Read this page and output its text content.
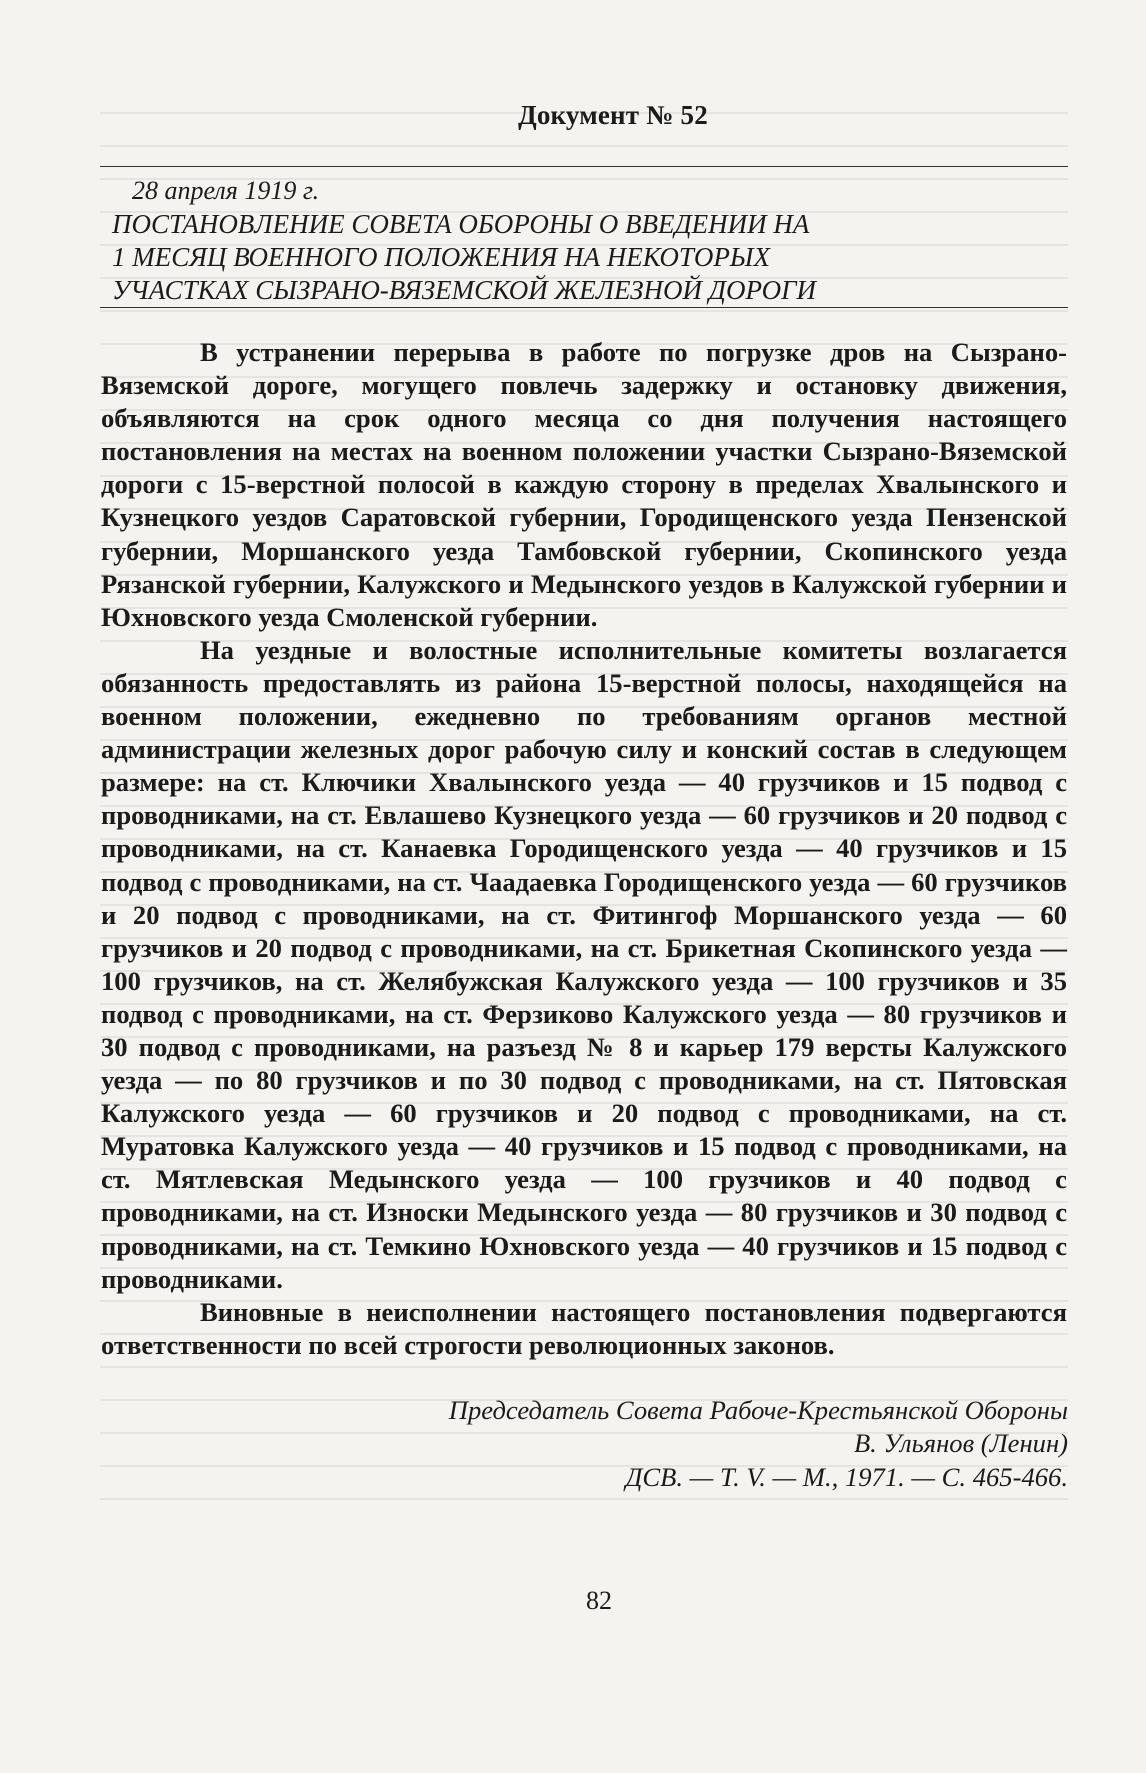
Документ № 52
28 апреля 1919 г.
ПОСТАНОВЛЕНИЕ СОВЕТА ОБОРОНЫ О ВВЕДЕНИИ НА
1 МЕСЯЦ ВОЕННОГО ПОЛОЖЕНИЯ НА НЕКОТОРЫХ
УЧАСТКАХ СЫЗРАНО-ВЯЗЕМСКОЙ ЖЕЛЕЗНОЙ ДОРОГИ

В устранении перерыва в работе по погрузке дров на Сызрано-Вяземской дороге, могущего повлечь задержку и остановку движения, объявляются на срок одного месяца со дня получения настоящего постановления на местах на военном положении участки Сызрано-Вяземской дороги с 15-верстной полосой в каждую сторону в пределах Хвалынского и Кузнецкого уездов Саратовской губернии, Городищенского уезда Пензенской губернии, Моршанского уезда Тамбовской губернии, Скопинского уезда Рязанской губернии, Калужского и Медынского уездов в Калужской губернии и Юхновского уезда Смоленской губернии.

На уездные и волостные исполнительные комитеты возлагается обязанность предоставлять из района 15-верстной полосы, находящейся на военном положении, ежедневно по требованиям органов местной администрации железных дорог рабочую силу и конский состав в следующем размере: на ст. Ключики Хвалынского уезда — 40 грузчиков и 15 подвод с проводниками, на ст. Евлашево Кузнецкого уезда — 60 грузчиков и 20 подвод с проводниками, на ст. Канаевка Городищенского уезда — 40 грузчиков и 15 подвод с проводниками, на ст. Чаадаевка Городищенского уезда — 60 грузчиков и 20 подвод с проводниками, на ст. Фитингоф Моршанского уезда — 60 грузчиков и 20 подвод с проводниками, на ст. Брикетная Скопинского уезда — 100 грузчиков, на ст. Желябужская Калужского уезда — 100 грузчиков и 35 подвод с проводниками, на ст. Ферзиково Калужского уезда — 80 грузчиков и 30 подвод с проводниками, на разъезд № 8 и карьер 179 версты Калужского уезда — по 80 грузчиков и по 30 подвод с проводниками, на ст. Пятовская Калужского уезда — 60 грузчиков и 20 подвод с проводниками, на ст. Муратовка Калужского уезда — 40 грузчиков и 15 подвод с проводниками, на ст. Мятлевская Медынского уезда — 100 грузчиков и 40 подвод с проводниками, на ст. Износки Медынского уезда — 80 грузчиков и 30 подвод с проводниками, на ст. Темкино Юхновского уезда — 40 грузчиков и 15 подвод с проводниками.

Виновные в неисполнении настоящего постановления подвергаются ответственности по всей строгости революционных законов.

Председатель Совета Рабоче-Крестьянской Обороны
В. Ульянов (Ленин)
ДСВ. — Т. V. — М., 1971. — С. 465-466.
82
